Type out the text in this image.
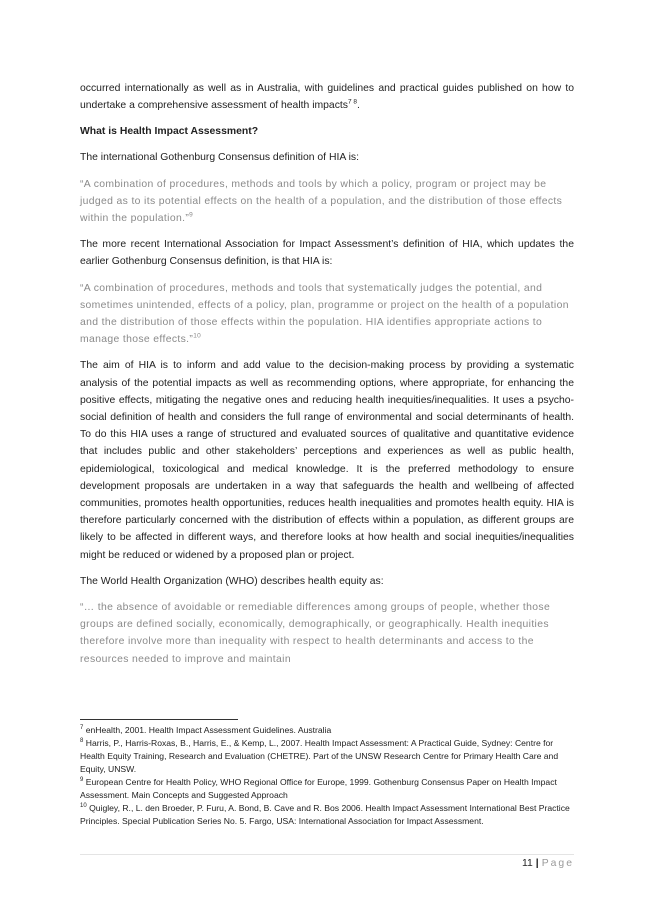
occurred internationally as well as in Australia, with guidelines and practical guides published on how to undertake a comprehensive assessment of health impacts$^{7 8}$.

What is Health Impact Assessment?

The international Gothenburg Consensus definition of HIA is:

“A combination of procedures, methods and tools by which a policy, program or project may be judged as to its potential effects on the health of a population, and the distribution of those effects within the population.”$^9$

The more recent International Association for Impact Assessment’s definition of HIA, which updates the earlier Gothenburg Consensus definition, is that HIA is:

“A combination of procedures, methods and tools that systematically judges the potential, and sometimes unintended, effects of a policy, plan, programme or project on the health of a population and the distribution of those effects within the population. HIA identifies appropriate actions to manage those effects.”$^{10}$

The aim of HIA is to inform and add value to the decision-making process by providing a systematic analysis of the potential impacts as well as recommending options, where appropriate, for enhancing the positive effects, mitigating the negative ones and reducing health inequities/inequalities. It uses a psycho-social definition of health and considers the full range of environmental and social determinants of health. To do this HIA uses a range of structured and evaluated sources of qualitative and quantitative evidence that includes public and other stakeholders’ perceptions and experiences as well as public health, epidemiological, toxicological and medical knowledge. It is the preferred methodology to ensure development proposals are undertaken in a way that safeguards the health and wellbeing of affected communities, promotes health opportunities, reduces health inequalities and promotes health equity. HIA is therefore particularly concerned with the distribution of effects within a population, as different groups are likely to be affected in different ways, and therefore looks at how health and social inequities/inequalities might be reduced or widened by a proposed plan or project.

The World Health Organization (WHO) describes health equity as:

“… the absence of avoidable or remediable differences among groups of people, whether those groups are defined socially, economically, demographically, or geographically. Health inequities therefore involve more than inequality with respect to health determinants and access to the resources needed to improve and maintain

$^7$ enHealth, 2001. Health Impact Assessment Guidelines. Australia

$^8$ Harris, P., Harris-Roxas, B., Harris, E., & Kemp, L., 2007. Health Impact Assessment: A Practical Guide, Sydney: Centre for Health Equity Training, Research and Evaluation (CHETRE). Part of the UNSW Research Centre for Primary Health Care and Equity, UNSW.

$^9$ European Centre for Health Policy, WHO Regional Office for Europe, 1999. Gothenburg Consensus Paper on Health Impact Assessment. Main Concepts and Suggested Approach

$^{10}$ Quigley, R., L. den Broeder, P. Furu, A. Bond, B. Cave and R. Bos 2006. Health Impact Assessment International Best Practice Principles. Special Publication Series No. 5. Fargo, USA: International Association for Impact Assessment.

11 | Page
